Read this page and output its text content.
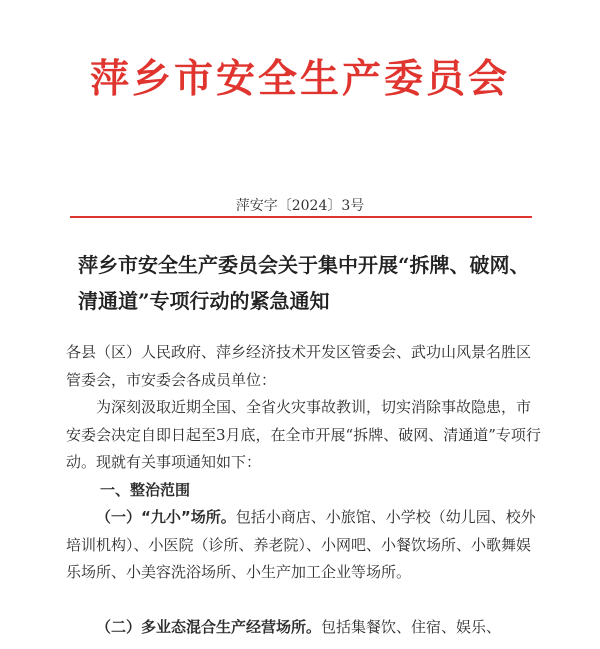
萍乡市安全生产委员会
萍安字〔2024〕3号
萍乡市安全生产委员会关于集中开展“拆牌、破网、清通道”专项行动的紧急通知

各县（区）人民政府、萍乡经济技术开发区管委会、武功山风景名胜区管委会，市安委会各成员单位：

为深刻汲取近期全国、全省火灾事故教训，切实消除事故隐患，市安委会决定自即日起至3月底，在全市开展“拆牌、破网、清通道”专项行动。现就有关事项通知如下：

一、整治范围

（一）“九小”场所。包括小商店、小旅馆、小学校（幼儿园、校外培训机构）、小医院（诊所、养老院）、小网吧、小餐饮场所、小歌舞娱乐场所、小美容洗浴场所、小生产加工企业等场所。

（二）多业态混合生产经营场所。包括集餐饮、住宿、娱乐、
